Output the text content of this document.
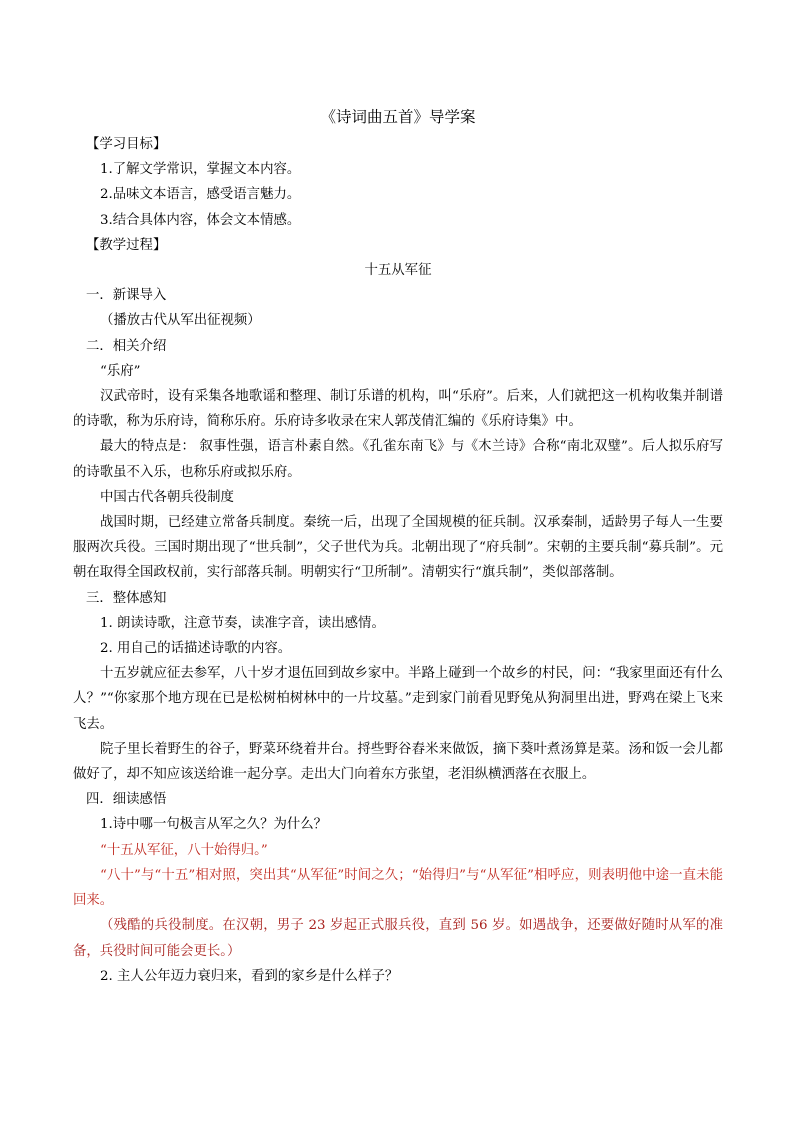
《诗词曲五首》导学案
【学习目标】
1.了解文学常识，掌握文本内容。
2.品味文本语言，感受语言魅力。
3.结合具体内容，体会文本情感。
【教学过程】
十五从军征
一．新课导入
（播放古代从军出征视频）
二．相关介绍
“乐府”
汉武帝时，设有采集各地歌谣和整理、制订乐谱的机构，叫“乐府”。后来，人们就把这一机构收集并制谱的诗歌，称为乐府诗，简称乐府。乐府诗多收录在宋人郭茂倩汇编的《乐府诗集》中。
最大的特点是： 叙事性强，语言朴素自然。《孔雀东南飞》与《木兰诗》合称“南北双璧”。后人拟乐府写的诗歌虽不入乐，也称乐府或拟乐府。
中国古代各朝兵役制度
战国时期，已经建立常备兵制度。秦统一后，出现了全国规模的征兵制。汉承秦制，适龄男子每人一生要服两次兵役。三国时期出现了“世兵制”，父子世代为兵。北朝出现了“府兵制”。宋朝的主要兵制“募兵制”。元朝在取得全国政权前，实行部落兵制。明朝实行“卫所制”。清朝实行“旗兵制”，类似部落制。
三．整体感知
1. 朗读诗歌，注意节奏，读准字音，读出感情。
2. 用自己的话描述诗歌的内容。
十五岁就应征去参军，八十岁才退伍回到故乡家中。半路上碰到一个故乡的村民，问：“我家里面还有什么人？”“你家那个地方现在已是松树柏树林中的一片坟墓。”走到家门前看见野兔从狗洞里出进，野鸡在梁上飞来飞去。
院子里长着野生的谷子，野菜环绕着井台。捋些野谷舂米来做饭，摘下葵叶煮汤算是菜。汤和饭一会儿都做好了，却不知应该送给谁一起分享。走出大门向着东方张望，老泪纵横洒落在衣服上。
四．细读感悟
1.诗中哪一句极言从军之久？为什么？
“十五从军征，八十始得归。”
“八十”与“十五”相对照，突出其“从军征”时间之久；“始得归”与“从军征”相呼应，则表明他中途一直未能回来。
（残酷的兵役制度。在汉朝，男子 23 岁起正式服兵役，直到 56 岁。如遇战争，还要做好随时从军的准备，兵役时间可能会更长。）
2. 主人公年迈力衰归来，看到的家乡是什么样子？
